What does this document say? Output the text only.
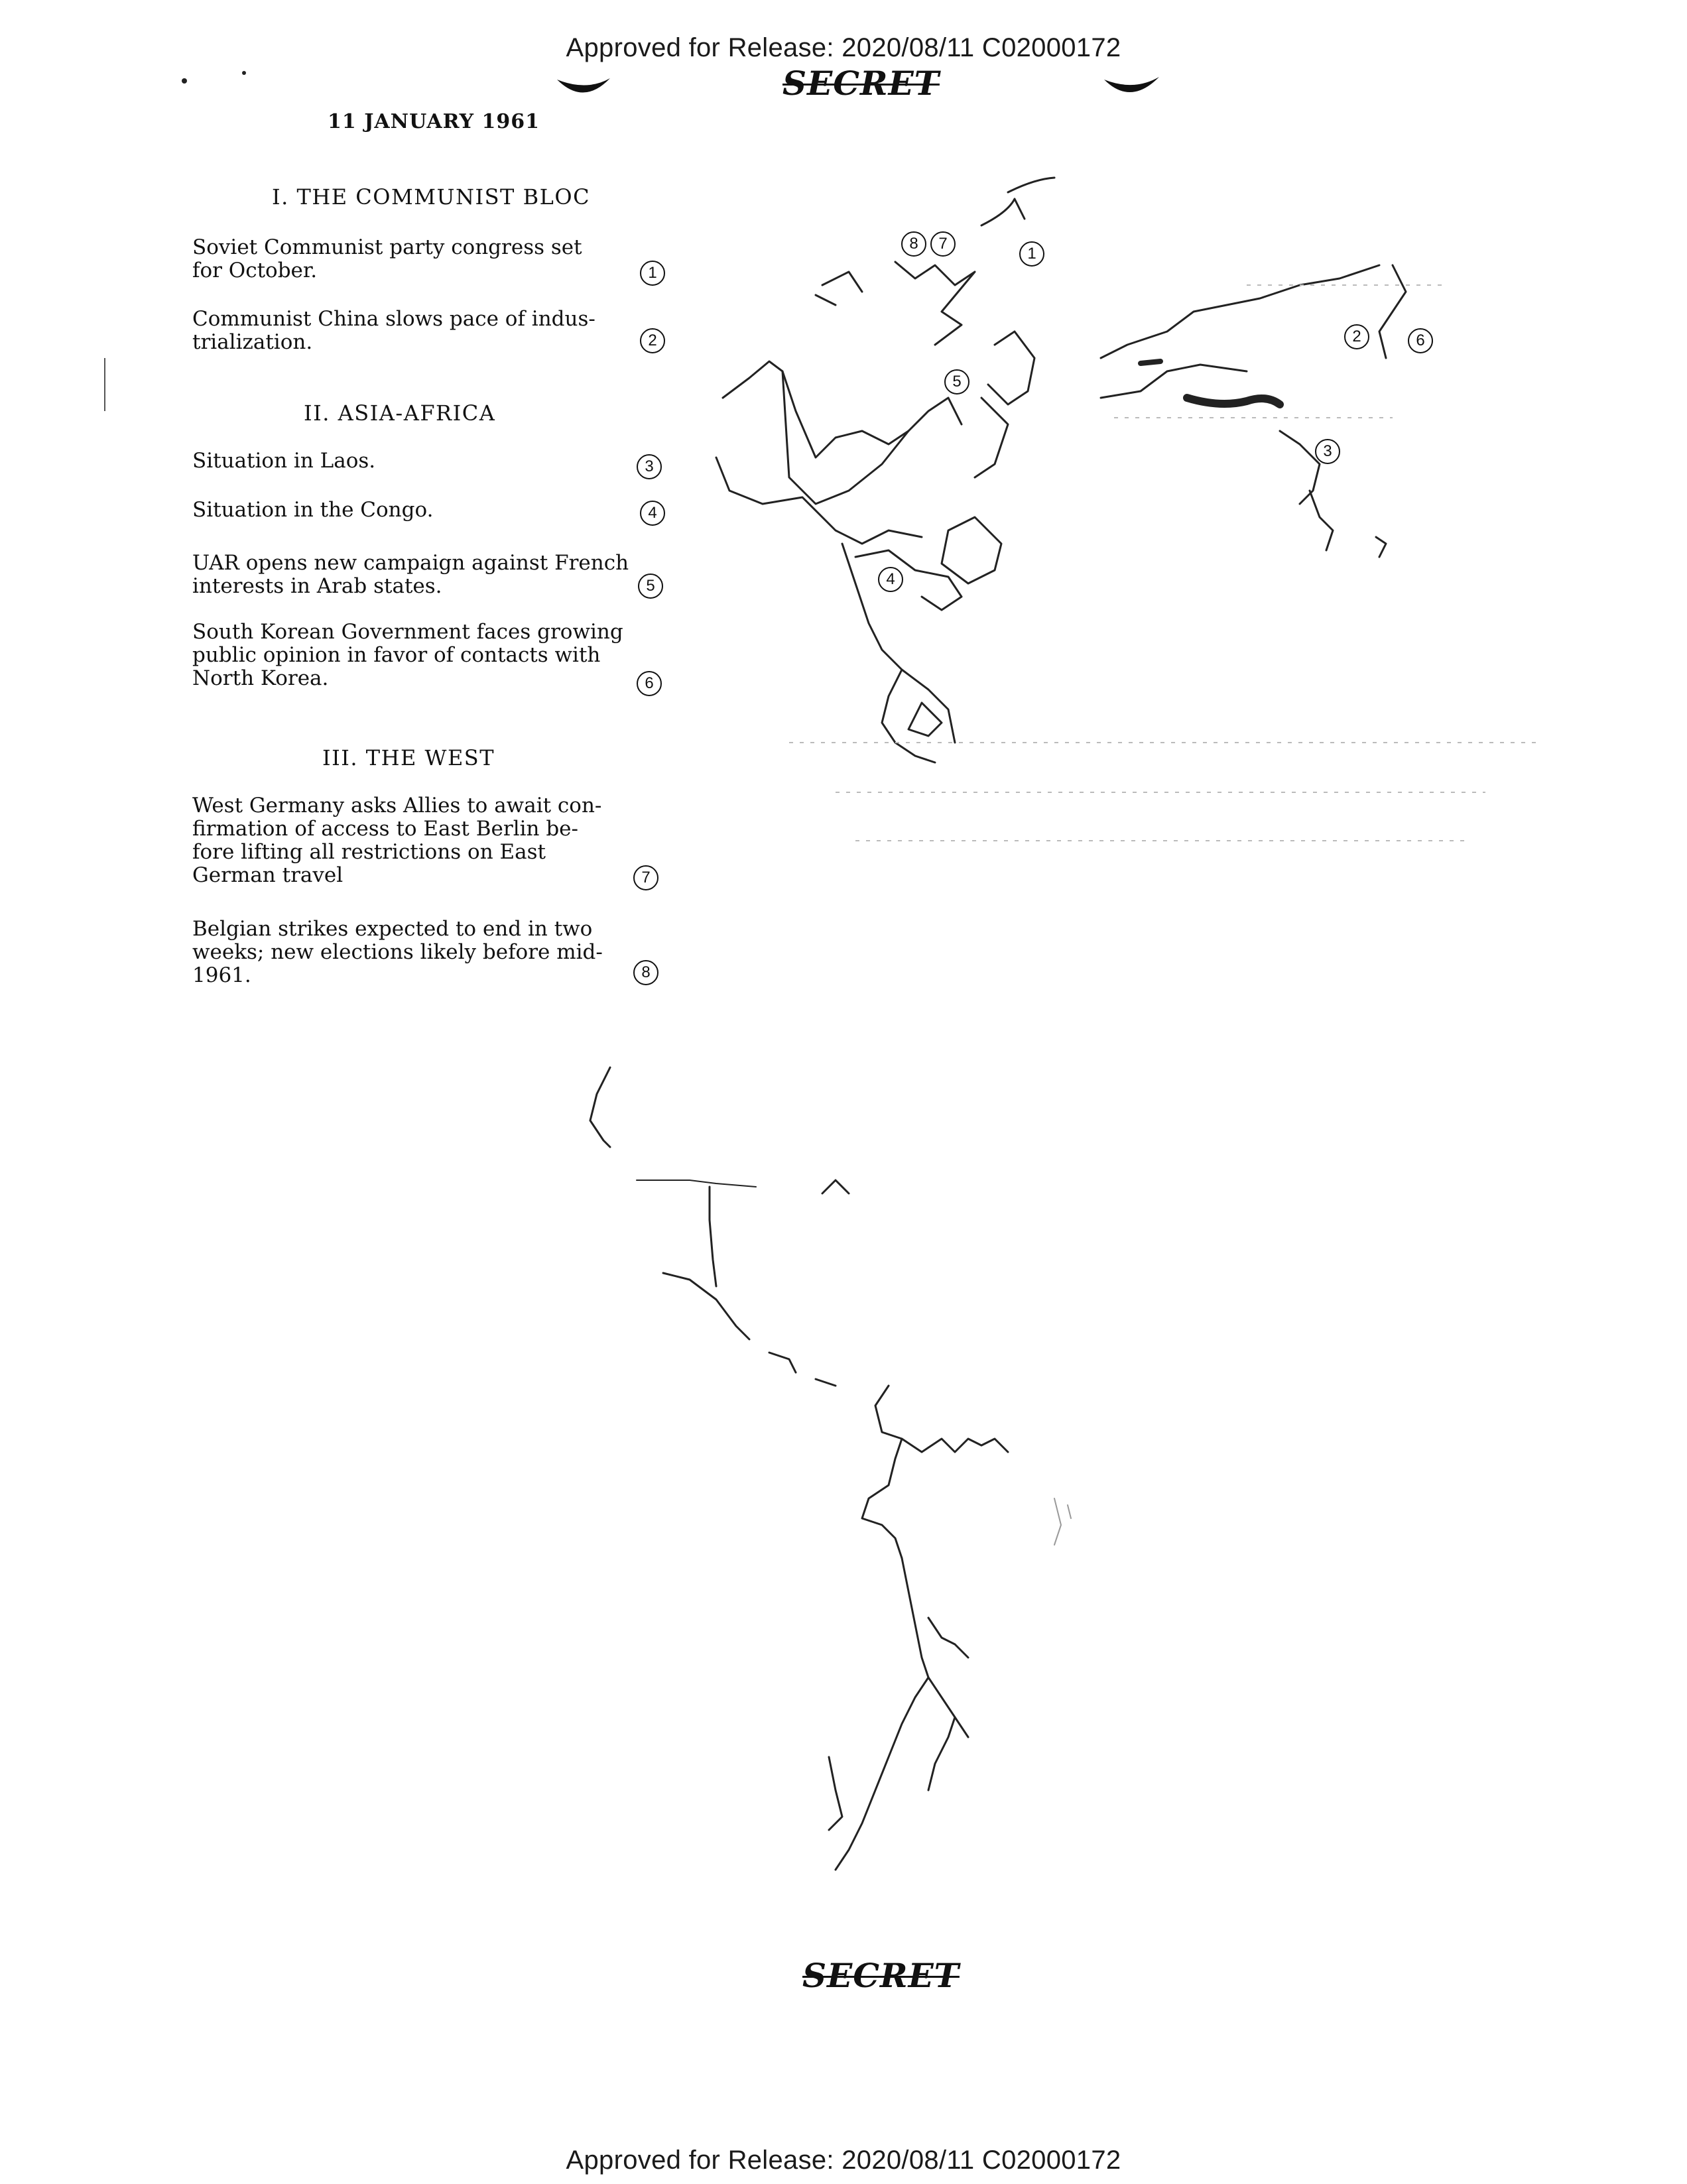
Approved for Release: 2020/08/11 C02000172
SECRET
11 JANUARY 1961
I. THE COMMUNIST BLOC
Soviet Communist party congress set
for October.	1
Communist China slows pace of indus-
trialization.	2
II. ASIA-AFRICA
Situation in Laos.	3
Situation in the Congo.	4
UAR opens new campaign against French
interests in Arab states.	5
South Korean Government faces growing
public opinion in favor of contacts with
North Korea.	6
III. THE WEST
West Germany asks Allies to await con-
firmation of access to East Berlin be-
fore lifting all restrictions on East
German travel	7
Belgian strikes expected to end in two
weeks; new elections likely before mid-
1961.	8
8	7
1
2	6
5
3
4
SECRET
Approved for Release: 2020/08/11 C02000172
